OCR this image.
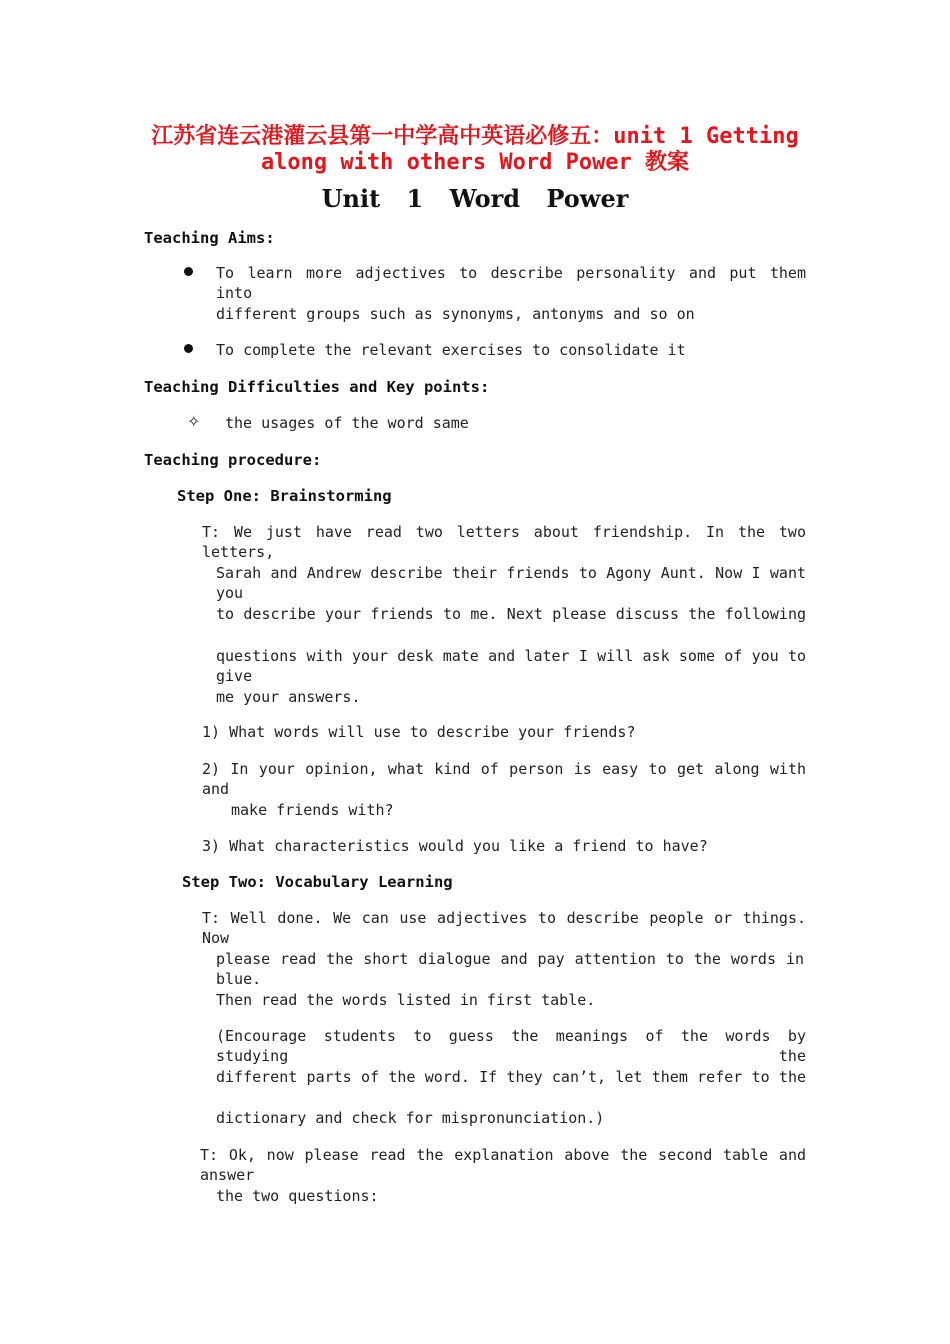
江苏省连云港灌云县第一中学高中英语必修五：unit 1 Getting
along with others Word Power 教案
Unit 1 Word Power
Teaching Aims:
To learn more adjectives to describe personality and put them into
different groups such as synonyms, antonyms and so on
To complete the relevant exercises to consolidate it
Teaching Difficulties and Key points:
✧ the usages of the word same
Teaching procedure:
Step One: Brainstorming
T: We just have read two letters about friendship. In the two letters,
Sarah and Andrew describe their friends to Agony Aunt. Now I want you
to describe your friends to me. Next please discuss the following
questions with your desk mate and later I will ask some of you to give
me your answers.
1) What words will use to describe your friends?
2) In your opinion, what kind of person is easy to get along with and
make friends with?
3) What characteristics would you like a friend to have?
Step Two: Vocabulary Learning
T: Well done. We can use adjectives to describe people or things. Now
please read the short dialogue and pay attention to the words in blue.
Then read the words listed in first table.
(Encourage students to guess the meanings of the words by studying the
different parts of the word. If they can’t, let them refer to the
dictionary and check for mispronunciation.)
T: Ok, now please read the explanation above the second table and answer
the two questions:
